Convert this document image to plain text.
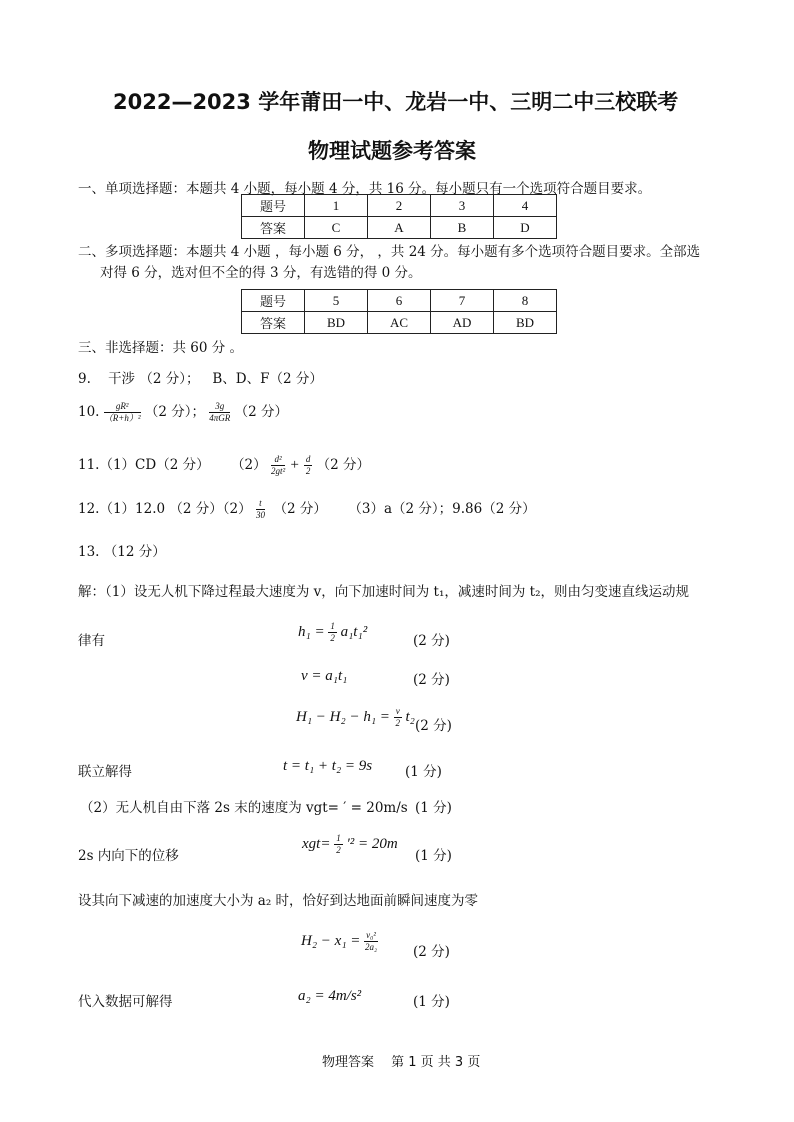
2022—2023 学年莆田一中、龙岩一中、三明二中三校联考
物理试题参考答案
一、单项选择题：本题共 4 小题，每小题 4 分，共 16 分。每小题只有一个选项符合题目要求。
题号	1	2	3	4
答案	C	A	B	D
二、多项选择题：本题共 4 小题 ，每小题 6 分， ，共 24 分。每小题有多个选项符合题目要求。全部选
对得 6 分，选对但不全的得 3 分，有选错的得 0 分。
题号	5	6	7	8
答案	BD	AC	AD	BD
三、非选择题：共 60 分 。
9. 干涉 （2 分）； B、D、F（2 分）
10. $\frac{\text{gR²}}{\text{（R+h）²}} (2$ 分）； $\frac{3g}{\text{4πGR}} (2$ 分）
11.（1）CD（2 分） $(2) \frac{\text{d²}}{\text{2gt²}} + \frac{d}{2} (2$ 分）
12.（1）12.0 （2 分）$(2) \frac{t}{30} (2$ 分） （3）a（2 分）；9.86（2 分）
13. （12 分）
解：（1）设无人机下降过程最大速度为 v，向下加速时间为 t₁，减速时间为 t₂，则由匀变速直线运动规
律有
$h_1 = \frac{1}{2} a_1t_1^2$
(2 分)
v = a₁t₁	(2 分)
$H_1 - H_2 - h_1 = \frac{v}{2} t_2$
(2 分)
联立解得	t = t₁ + t₂ = 9s (1 分)
（2）无人机自由下落 2s 末的速度为 vgt= ′ = 20m/s (1 分)
2s 内向下的位移
$xgt= \frac{1}{2} '^2 = 20m$
(1 分)
设其向下减速的加速度大小为 a₂ 时，恰好到达地面前瞬间速度为零
$H_2 - x_1 = \frac{\text{v₀²}}{\text{2a₂}}$	(2 分)
代入数据可解得	a₂ = 4m/s²	(1 分)
物理答案　 第 1 页 共 3 页
